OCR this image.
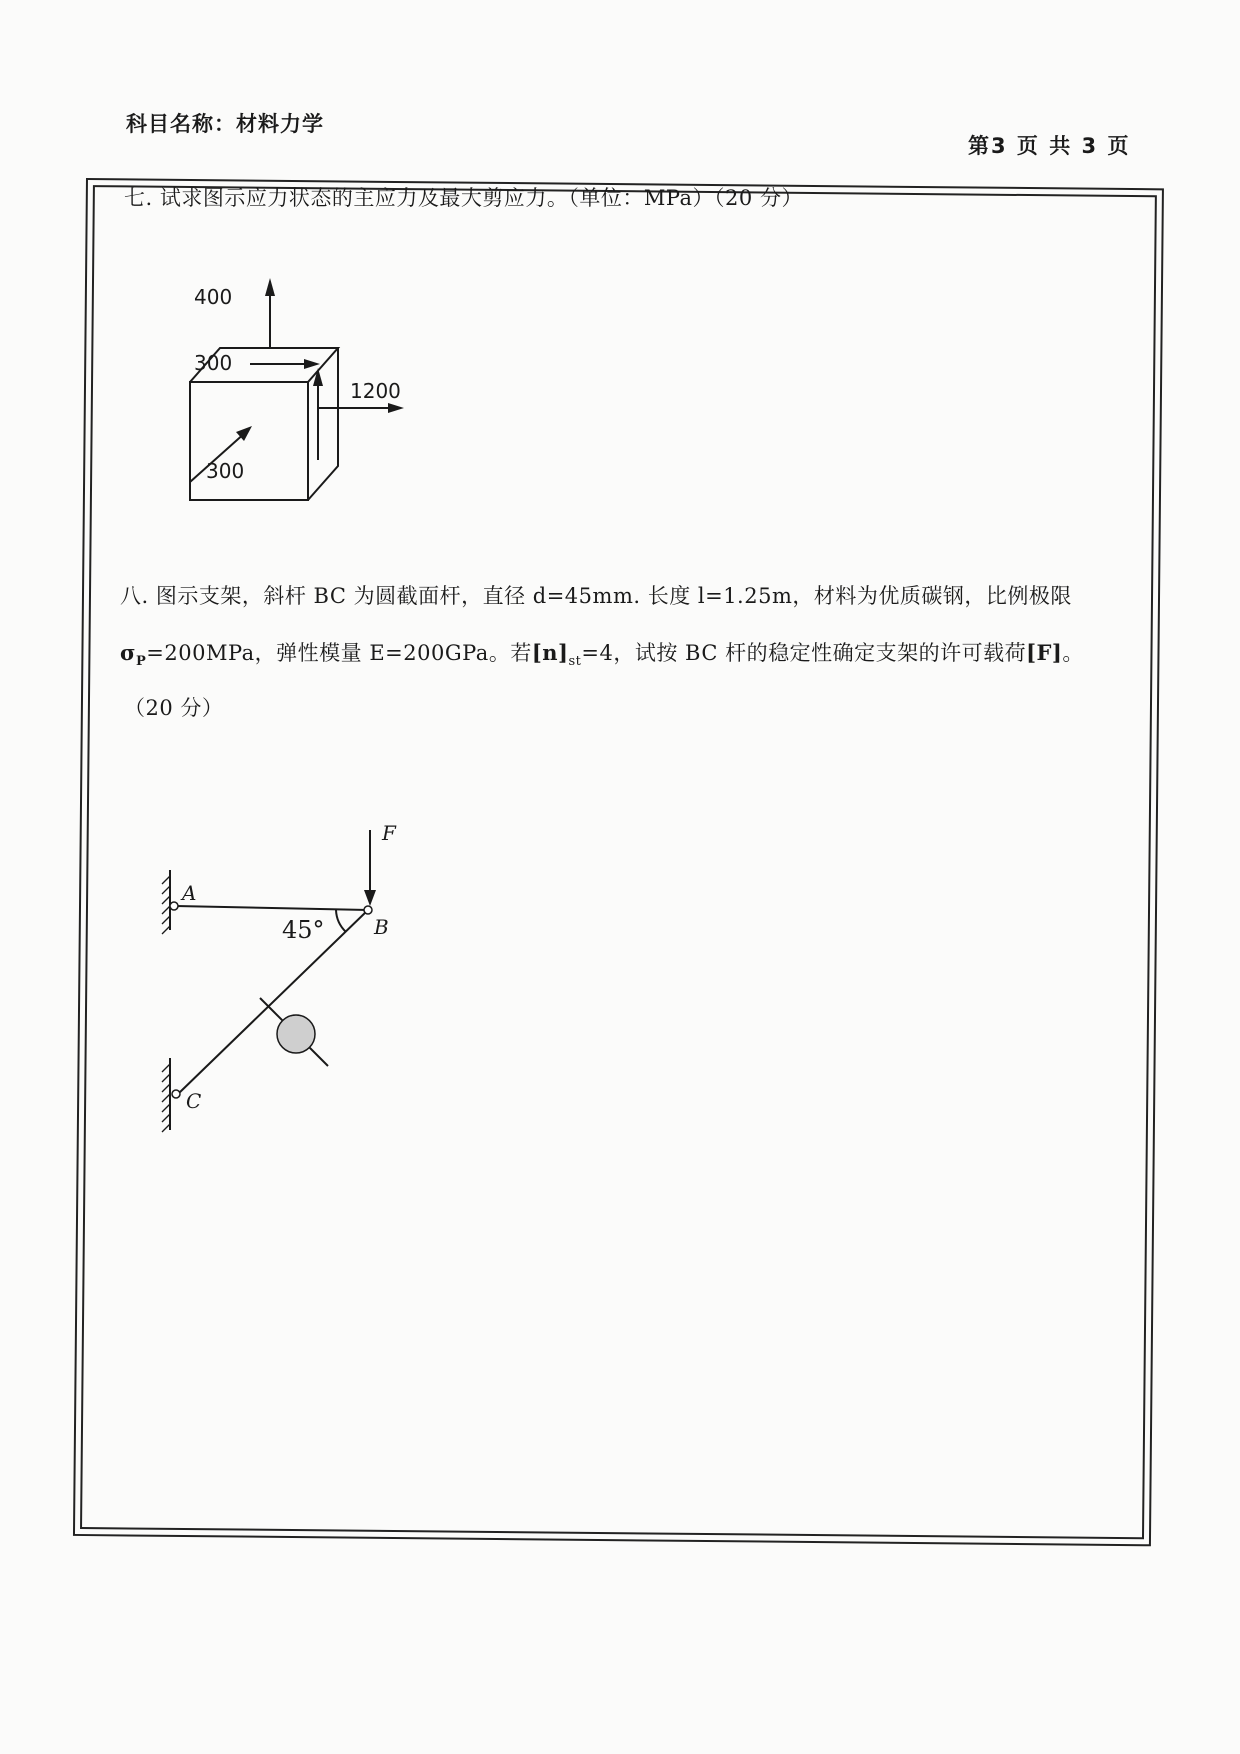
科目名称：材料力学
第3 页 共 3 页
七. 试求图示应力状态的主应力及最大剪应力。（单位：MPa）（20 分）
400
300
1200
300
八. 图示支架，斜杆 BC 为圆截面杆，直径 d=45mm. 长度 l=1.25m，材料为优质碳钢，比例极限
$\sigma_P=200MPa$，弹性模量 E=200GPa。若$[n]_{st}=4$，试按 BC 杆的稳定性确定支架的许可载荷[F]。
（20 分）
A
B
C
F
45°
